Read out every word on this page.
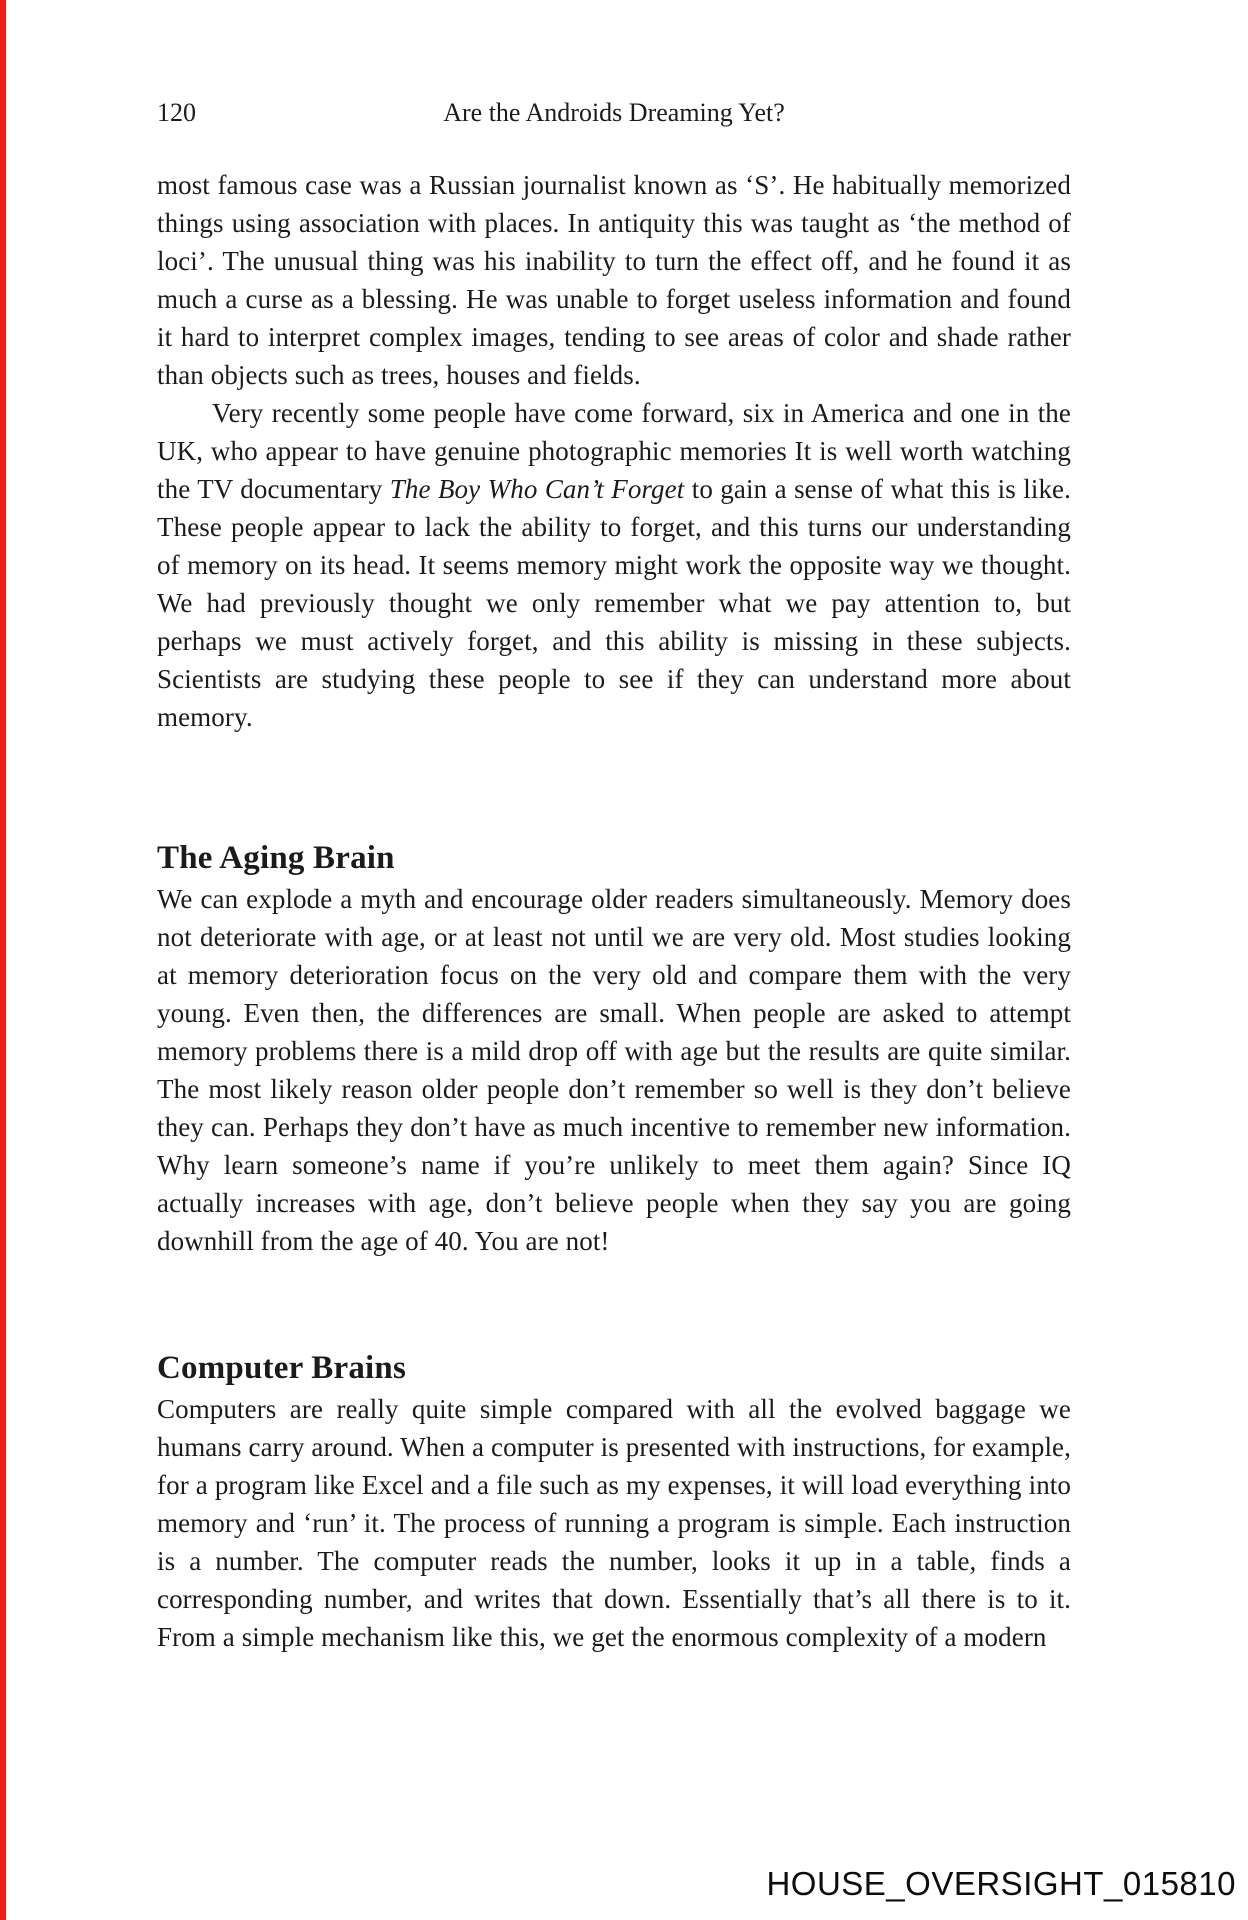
120	Are the Androids Dreaming Yet?

most famous case was a Russian journalist known as ‘S’. He habitually memorized things using association with places. In antiquity this was taught as ‘the method of loci’. The unusual thing was his inability to turn the effect off, and he found it as much a curse as a blessing. He was unable to forget useless information and found it hard to interpret complex images, tending to see areas of color and shade rather than objects such as trees, houses and fields.

Very recently some people have come forward, six in America and one in the UK, who appear to have genuine photographic memories It is well worth watching the TV documentary The Boy Who Can’t Forget to gain a sense of what this is like. These people appear to lack the ability to forget, and this turns our understanding of memory on its head. It seems memory might work the opposite way we thought. We had previously thought we only remember what we pay attention to, but perhaps we must actively forget, and this ability is missing in these subjects. Scientists are studying these people to see if they can understand more about memory.

The Aging Brain

We can explode a myth and encourage older readers simultaneously. Memory does not deteriorate with age, or at least not until we are very old. Most studies looking at memory deterioration focus on the very old and compare them with the very young. Even then, the differences are small. When people are asked to attempt memory problems there is a mild drop off with age but the results are quite similar. The most likely reason older people don’t remember so well is they don’t believe they can. Perhaps they don’t have as much incentive to remember new information. Why learn someone’s name if you’re unlikely to meet them again? Since IQ actually increases with age, don’t believe people when they say you are going downhill from the age of 40. You are not!

Computer Brains

Computers are really quite simple compared with all the evolved baggage we humans carry around. When a computer is presented with instructions, for example, for a program like Excel and a file such as my expenses, it will load everything into memory and ‘run’ it. The process of running a program is simple. Each instruction is a number. The computer reads the number, looks it up in a table, finds a corresponding number, and writes that down. Essentially that’s all there is to it. From a simple mechanism like this, we get the enormous complexity of a modern

HOUSE_OVERSIGHT_015810
